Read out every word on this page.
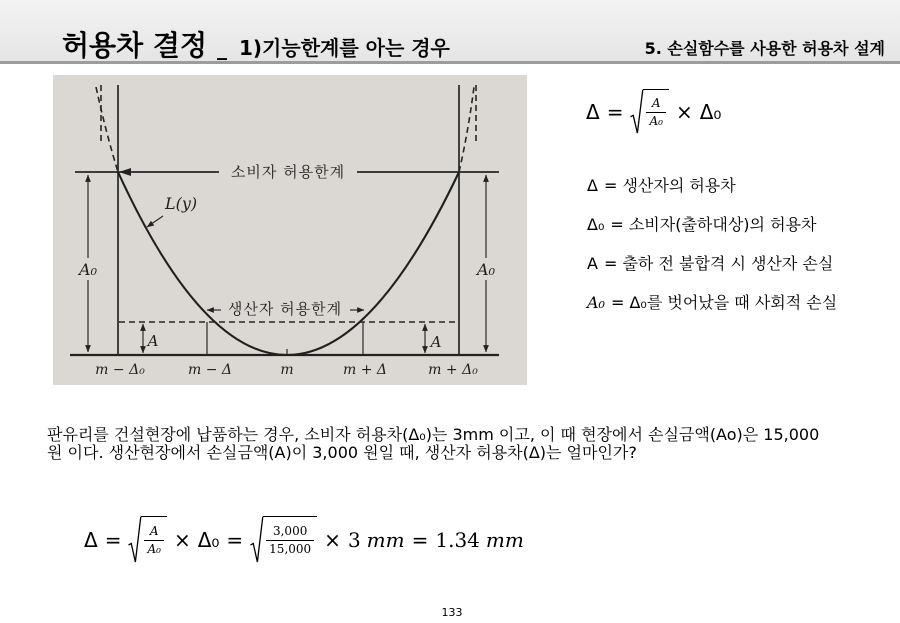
허용차 결정 _ 1)기능한계를 아는 경우	5. 손실함수를 사용한 허용차 설계
소비자 허용한계
생산자 허용한계
L(y)
A₀	A₀
A	A
m − Δ₀	m − Δ	m	m + Δ	m + Δ₀
$\Delta = \frac{A}{\text{A₀}} \times \Delta_0$
Δ = 생산자의 허용차
Δ₀ = 소비자(출하대상)의 허용차
A = 출하 전 불합격 시 생산자 손실
A₀ = Δ₀를 벗어났을 때 사회적 손실
판유리를 건설현장에 납품하는 경우, 소비자 허용차(Δ₀)는 3mm 이고, 이 때 현장에서 손실금액(Ao)은 15,000
원 이다. 생산현장에서 손실금액(A)이 3,000 원일 때, 생산자 허용차(Δ)는 얼마인가?
$\Delta = \frac{A}{\text{A₀}} \times \Delta_0 = \frac{3,000}{15,000} \times 3$ mm = 1.34 mm
133
